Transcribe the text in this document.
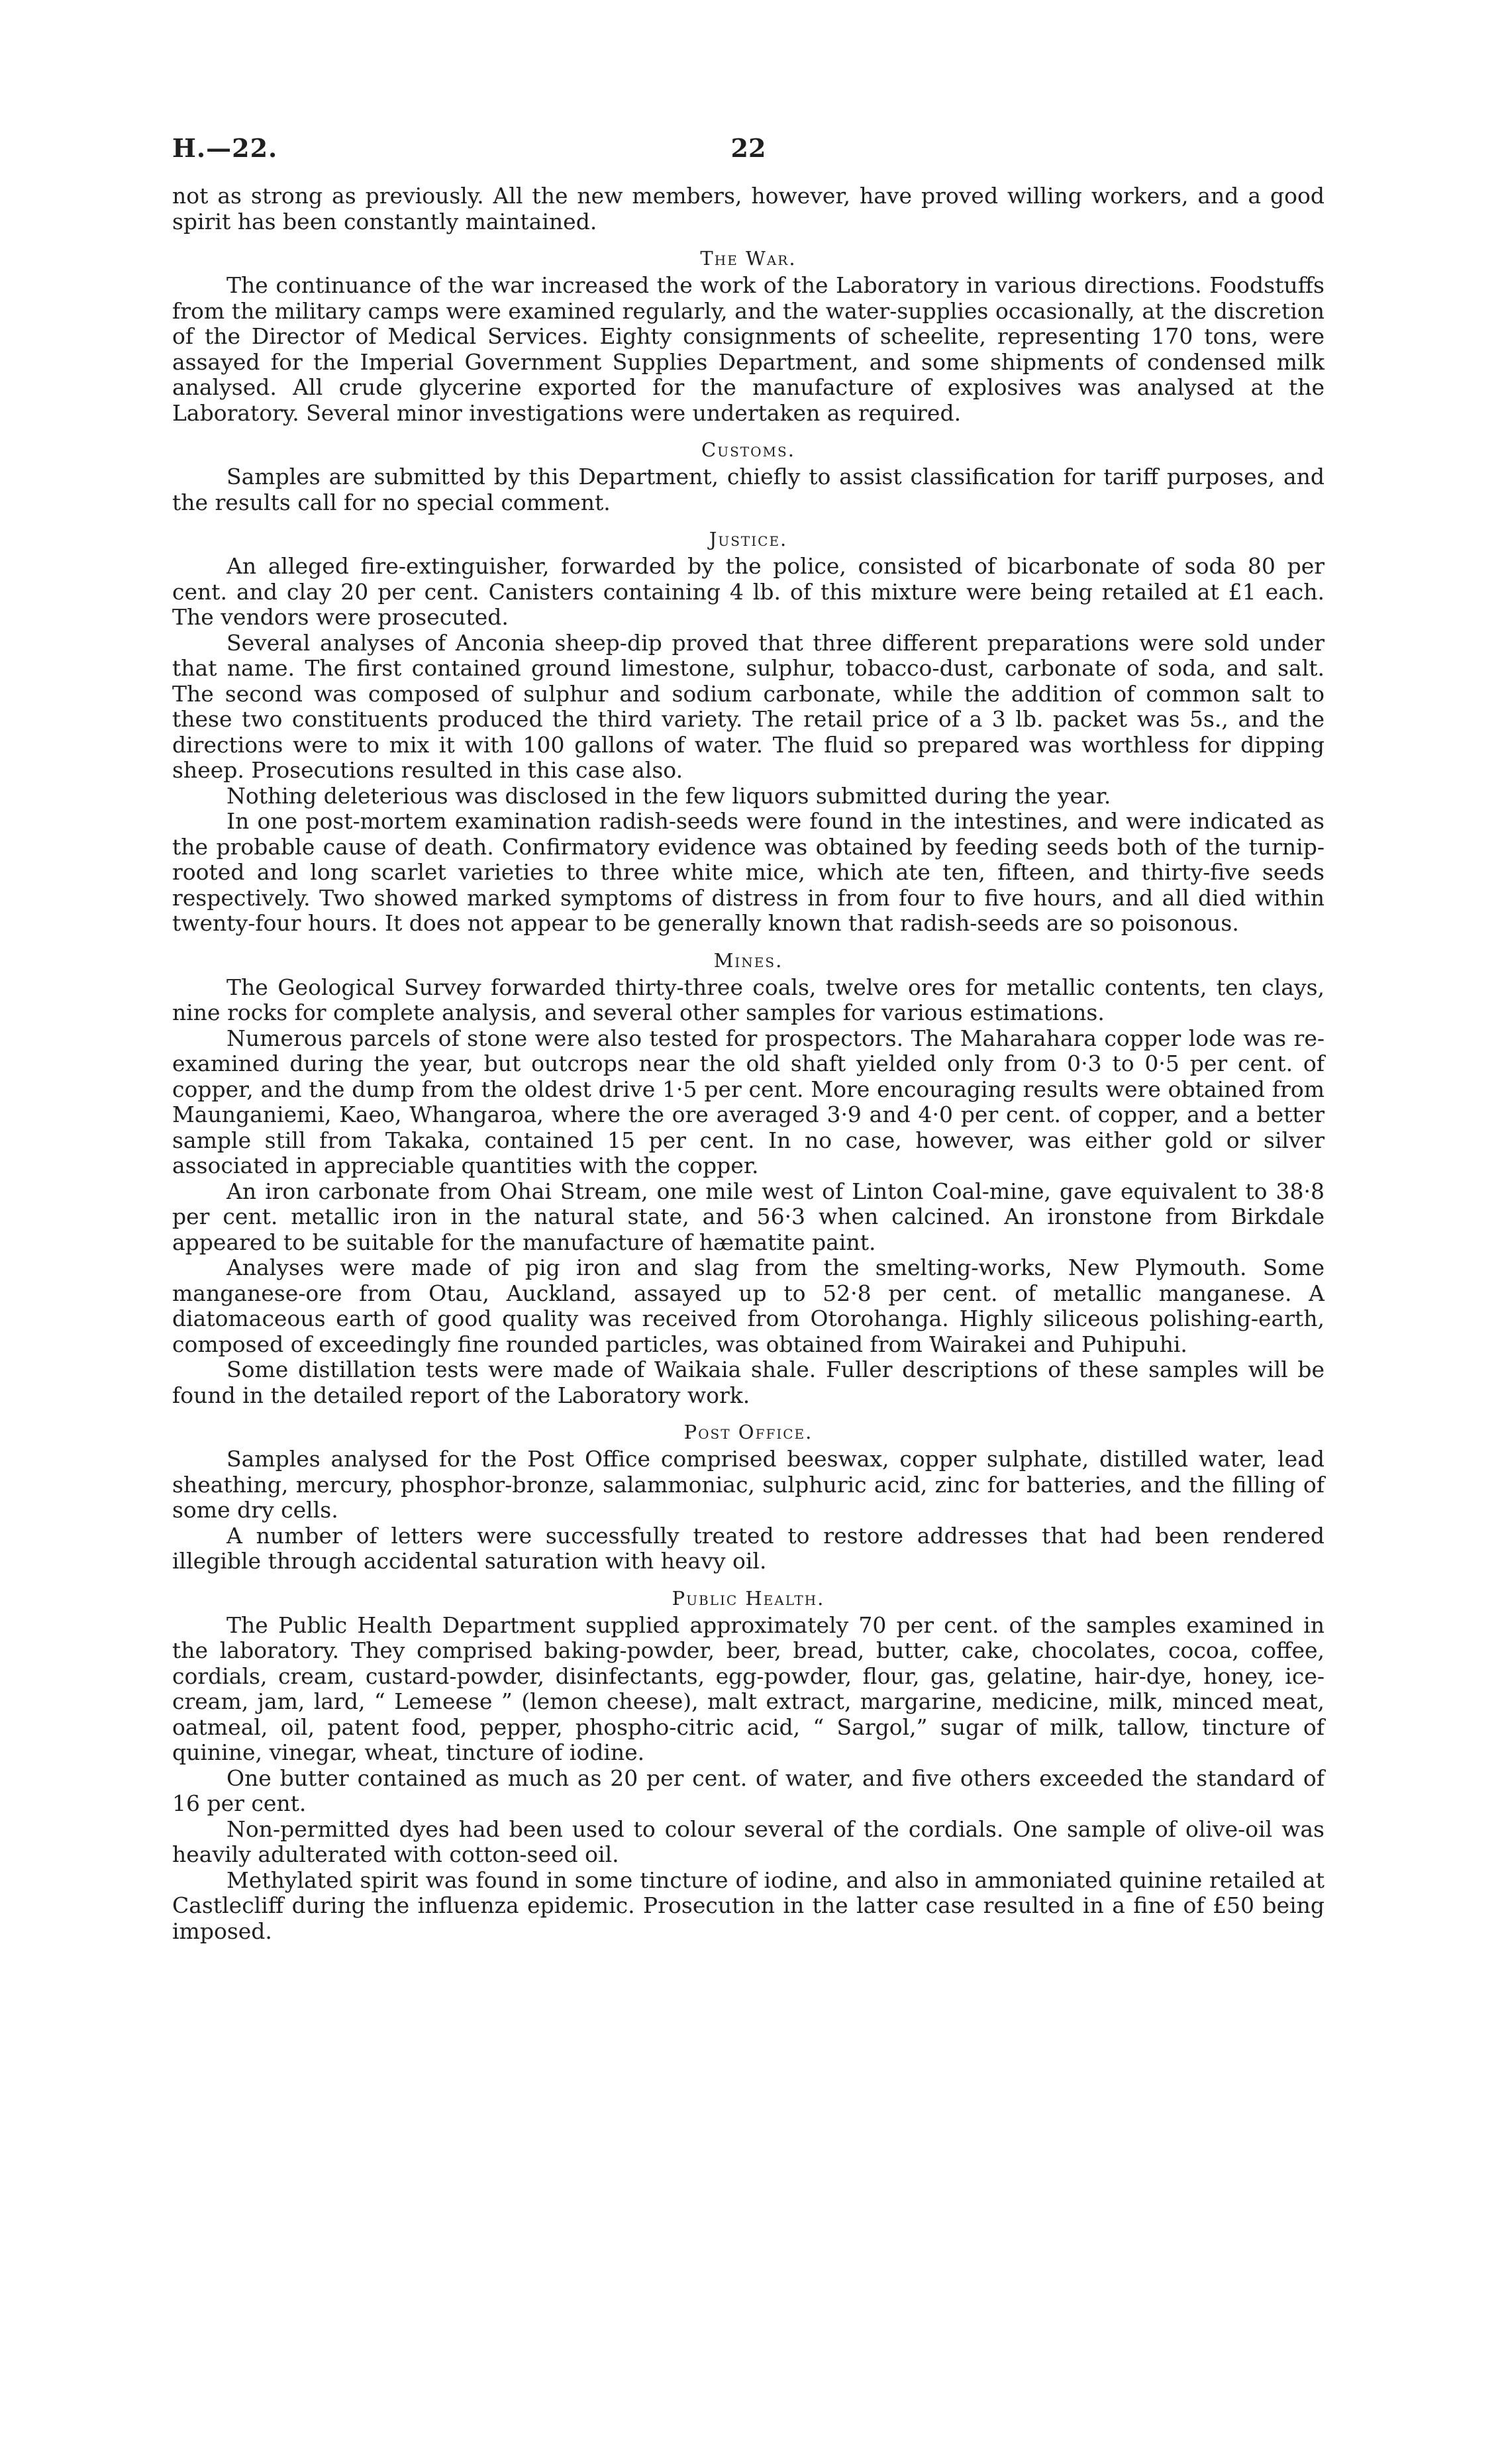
H.—22.	22

not as strong as previously. All the new members, however, have proved willing workers, and a good spirit has been constantly maintained.

The War.

The continuance of the war increased the work of the Laboratory in various directions. Foodstuffs from the military camps were examined regularly, and the water-supplies occasionally, at the discretion of the Director of Medical Services. Eighty consignments of scheelite, representing 170 tons, were assayed for the Imperial Government Supplies Department, and some shipments of condensed milk analysed. All crude glycerine exported for the manufacture of explosives was analysed at the Laboratory. Several minor investigations were undertaken as required.

Customs.

Samples are submitted by this Department, chiefly to assist classification for tariff purposes, and the results call for no special comment.

Justice.

An alleged fire-extinguisher, forwarded by the police, consisted of bicarbonate of soda 80 per cent. and clay 20 per cent. Canisters containing 4 lb. of this mixture were being retailed at £1 each. The vendors were prosecuted.

Several analyses of Anconia sheep-dip proved that three different preparations were sold under that name. The first contained ground limestone, sulphur, tobacco-dust, carbonate of soda, and salt. The second was composed of sulphur and sodium carbonate, while the addition of common salt to these two constituents produced the third variety. The retail price of a 3 lb. packet was 5s., and the directions were to mix it with 100 gallons of water. The fluid so prepared was worthless for dipping sheep. Prosecutions resulted in this case also.

Nothing deleterious was disclosed in the few liquors submitted during the year.

In one post-mortem examination radish-seeds were found in the intestines, and were indicated as the probable cause of death. Confirmatory evidence was obtained by feeding seeds both of the turnip-rooted and long scarlet varieties to three white mice, which ate ten, fifteen, and thirty-five seeds respectively. Two showed marked symptoms of distress in from four to five hours, and all died within twenty-four hours. It does not appear to be generally known that radish-seeds are so poisonous.

Mines.

The Geological Survey forwarded thirty-three coals, twelve ores for metallic contents, ten clays, nine rocks for complete analysis, and several other samples for various estimations.

Numerous parcels of stone were also tested for prospectors. The Maharahara copper lode was re-examined during the year, but outcrops near the old shaft yielded only from 0·3 to 0·5 per cent. of copper, and the dump from the oldest drive 1·5 per cent. More encouraging results were obtained from Maunganiemi, Kaeo, Whangaroa, where the ore averaged 3·9 and 4·0 per cent. of copper, and a better sample still from Takaka, contained 15 per cent. In no case, however, was either gold or silver associated in appreciable quantities with the copper.

An iron carbonate from Ohai Stream, one mile west of Linton Coal-mine, gave equivalent to 38·8 per cent. metallic iron in the natural state, and 56·3 when calcined. An ironstone from Birkdale appeared to be suitable for the manufacture of hæmatite paint.

Analyses were made of pig iron and slag from the smelting-works, New Plymouth. Some manganese-ore from Otau, Auckland, assayed up to 52·8 per cent. of metallic manganese. A diatomaceous earth of good quality was received from Otorohanga. Highly siliceous polishing-earth, composed of exceedingly fine rounded particles, was obtained from Wairakei and Puhipuhi.

Some distillation tests were made of Waikaia shale. Fuller descriptions of these samples will be found in the detailed report of the Laboratory work.

Post Office.

Samples analysed for the Post Office comprised beeswax, copper sulphate, distilled water, lead sheathing, mercury, phosphor-bronze, salammoniac, sulphuric acid, zinc for batteries, and the filling of some dry cells.

A number of letters were successfully treated to restore addresses that had been rendered illegible through accidental saturation with heavy oil.

Public Health.

The Public Health Department supplied approximately 70 per cent. of the samples examined in the laboratory. They comprised baking-powder, beer, bread, butter, cake, chocolates, cocoa, coffee, cordials, cream, custard-powder, disinfectants, egg-powder, flour, gas, gelatine, hair-dye, honey, ice-cream, jam, lard, “ Lemeese ” (lemon cheese), malt extract, margarine, medicine, milk, minced meat, oatmeal, oil, patent food, pepper, phospho-citric acid, “ Sargol,” sugar of milk, tallow, tincture of quinine, vinegar, wheat, tincture of iodine.

One butter contained as much as 20 per cent. of water, and five others exceeded the standard of 16 per cent.

Non-permitted dyes had been used to colour several of the cordials. One sample of olive-oil was heavily adulterated with cotton-seed oil.

Methylated spirit was found in some tincture of iodine, and also in ammoniated quinine retailed at Castlecliff during the influenza epidemic. Prosecution in the latter case resulted in a fine of £50 being imposed.
